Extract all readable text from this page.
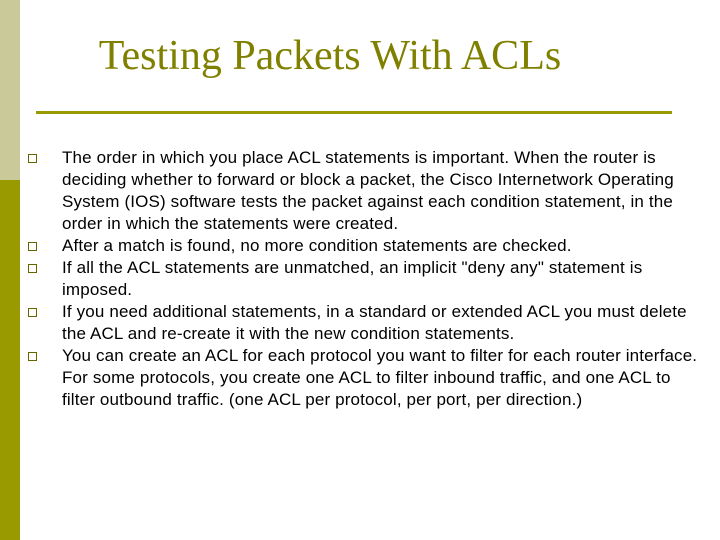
Testing Packets With ACLs
The order in which you place ACL statements is important. When the router is deciding whether to forward or block a packet, the Cisco Internetwork Operating System (IOS) software tests the packet against each condition statement, in the order in which the statements were created.
After a match is found, no more condition statements are checked.
If all the ACL statements are unmatched, an implicit "deny any" statement is imposed.
If you need additional statements, in a standard or extended ACL you must delete the ACL and re-create it with the new condition statements.
You can create an ACL for each protocol you want to filter for each router interface. For some protocols, you create one ACL to filter inbound traffic, and one ACL to filter outbound traffic. (one ACL per protocol, per port, per direction.)
